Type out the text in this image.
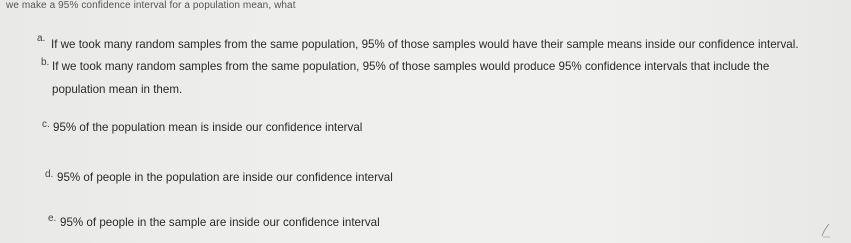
we make a 95% confidence interval for a population mean, what
a. If we took many random samples from the same population, 95% of those samples would have their sample means inside our confidence interval.
b. If we took many random samples from the same population, 95% of those samples would produce 95% confidence intervals that include the
population mean in them.
c. 95% of the population mean is inside our confidence interval
d. 95% of people in the population are inside our confidence interval
e. 95% of people in the sample are inside our confidence interval
